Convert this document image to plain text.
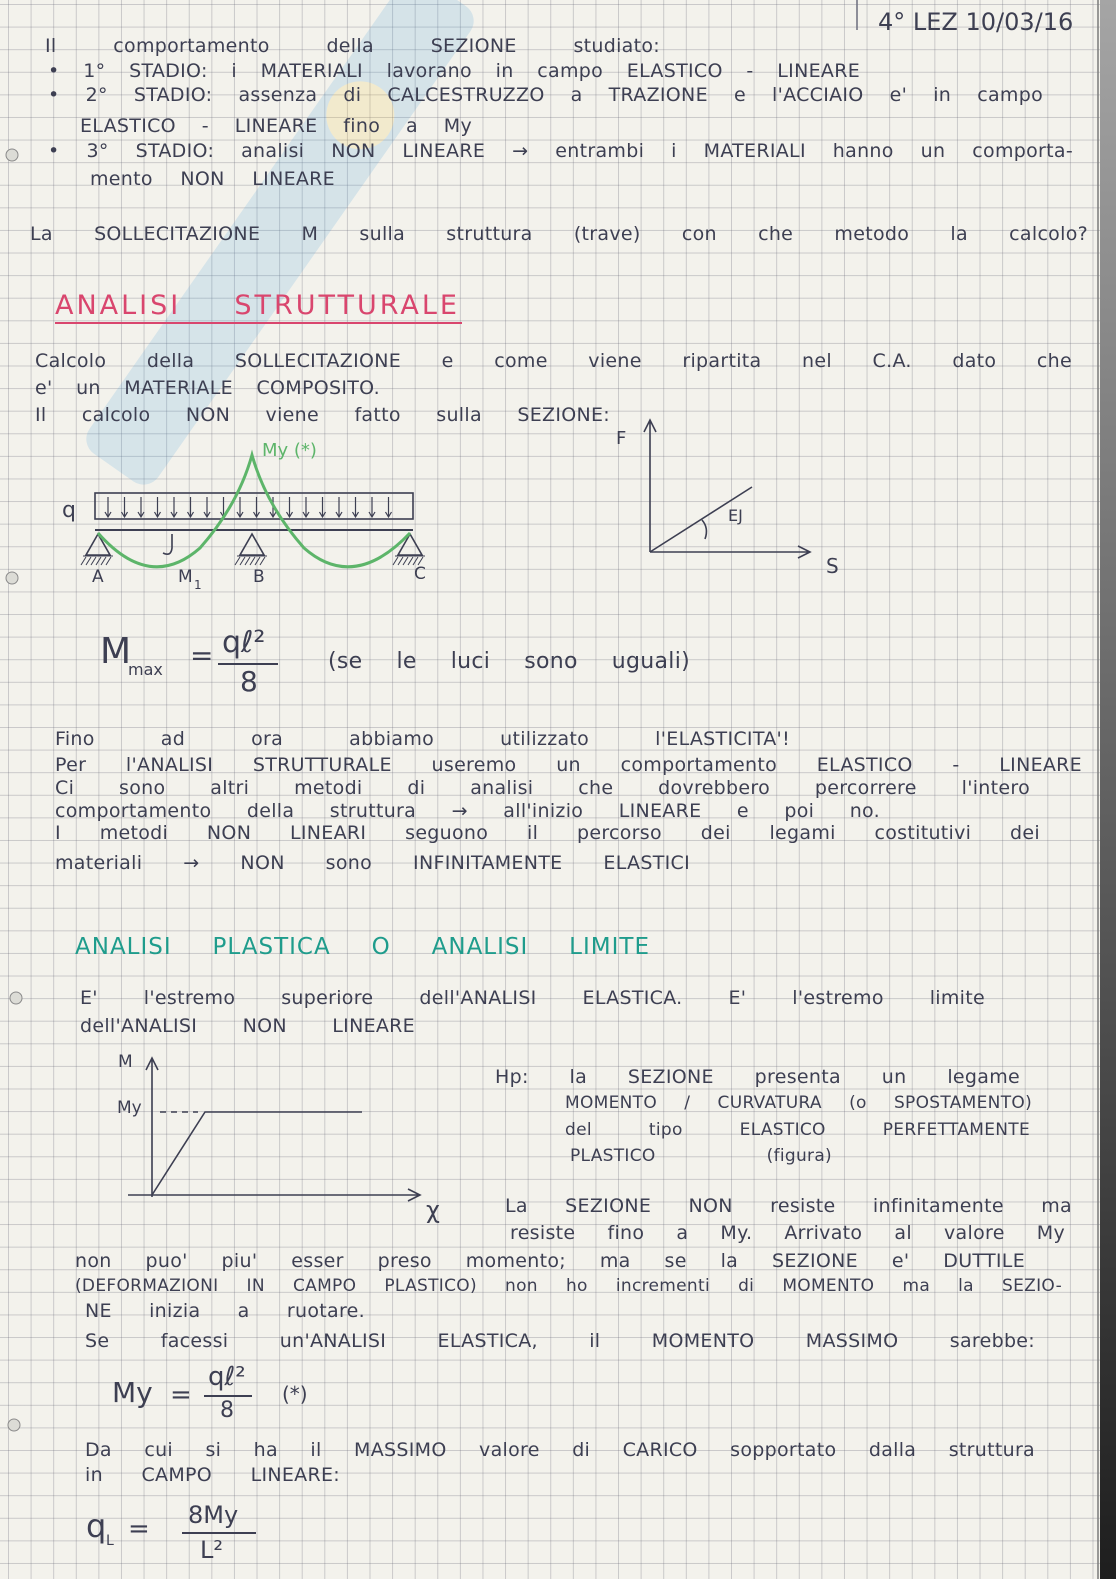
4° LEZ 10/03/16
Il comportamento della SEZIONE studiato:
• 1° STADIO: i MATERIALI lavorano in campo ELASTICO - LINEARE
• 2° STADIO: assenza di CALCESTRUZZO a TRAZIONE e l'ACCIAIO e' in campo
ELASTICO - LINEARE fino a My
• 3° STADIO: analisi NON LINEARE → entrambi i MATERIALI hanno un comporta-
mento NON LINEARE
La SOLLECITAZIONE M sulla struttura (trave) con che metodo la calcolo?
ANALISI STRUTTURALE
Calcolo della SOLLECITAZIONE e come viene ripartita nel C.A. dato che
e' un MATERIALE COMPOSITO.
Il calcolo NON viene fatto sulla SEZIONE:
My (*)
q
A	M 1	B	C
F
EJ
S
M
max = qℓ²
8
(se le luci sono uguali)
Fino ad ora abbiamo utilizzato l'ELASTICITA'!
Per l'ANALISI STRUTTURALE useremo un comportamento ELASTICO - LINEARE
Ci sono altri metodi di analisi che dovrebbero percorrere l'intero
comportamento della struttura → all'inizio LINEARE e poi no.
I metodi NON LINEARI seguono il percorso dei legami costitutivi dei
materiali → NON sono INFINITAMENTE ELASTICI
ANALISI PLASTICA O ANALISI LIMITE
E' l'estremo superiore dell'ANALISI ELASTICA. E' l'estremo limite
dell'ANALISI NON LINEARE
M
My
χ
Hp: la SEZIONE presenta un legame
MOMENTO / CURVATURA (o SPOSTAMENTO)
del tipo ELASTICO PERFETTAMENTE
PLASTICO (figura)
La SEZIONE NON resiste infinitamente ma
resiste fino a My. Arrivato al valore My
non puo' piu' esser preso momento; ma se la SEZIONE e' DUTTILE
(DEFORMAZIONI IN CAMPO PLASTICO) non ho incrementi di MOMENTO ma la SEZIO-
NE inizia a ruotare.
Se facessi un'ANALISI ELASTICA, il MOMENTO MASSIMO sarebbe:
My =
qℓ²
8
(*)
Da cui si ha il MASSIMO valore di CARICO sopportato dalla struttura
in CAMPO LINEARE:
q L = 8My
L²
